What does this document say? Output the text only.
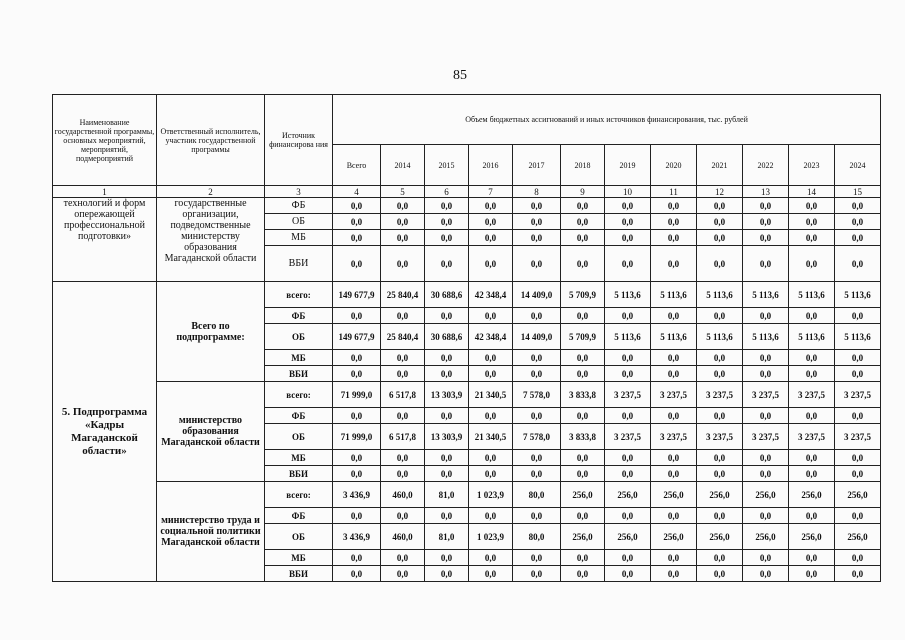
85
Наименование государственной программы, основных мероприятий, мероприятий, подмероприятий	Ответственный исполнитель, участник государственной программы	Источник финансирова ния	Объем бюджетных ассигнований и иных источников финансирования, тыс. рублей											
			Всего	2014	2015	2016	2017	2018	2019	2020	2021	2022	2023	2024
1	2	3	4	5	6	7	8	9	10	11	12	13	14	15
технологий и форм опережающей профессиональной подготовки»	государственные организации, подведомственные министерству образования Магаданской области	ФБ	0,0	0,0	0,0	0,0	0,0	0,0	0,0	0,0	0,0	0,0	0,0	0,0
		ОБ	0,0	0,0	0,0	0,0	0,0	0,0	0,0	0,0	0,0	0,0	0,0	0,0
		МБ	0,0	0,0	0,0	0,0	0,0	0,0	0,0	0,0	0,0	0,0	0,0	0,0
		ВБИ	0,0	0,0	0,0	0,0	0,0	0,0	0,0	0,0	0,0	0,0	0,0	0,0
5. Подпрограмма «Кадры Магаданской области»	Всего по подпрограмме:	всего:	149 677,9	25 840,4	30 688,6	42 348,4	14 409,0	5 709,9	5 113,6	5 113,6	5 113,6	5 113,6	5 113,6	5 113,6
		ФБ	0,0	0,0	0,0	0,0	0,0	0,0	0,0	0,0	0,0	0,0	0,0	0,0
		ОБ	149 677,9	25 840,4	30 688,6	42 348,4	14 409,0	5 709,9	5 113,6	5 113,6	5 113,6	5 113,6	5 113,6	5 113,6
		МБ	0,0	0,0	0,0	0,0	0,0	0,0	0,0	0,0	0,0	0,0	0,0	0,0
		ВБИ	0,0	0,0	0,0	0,0	0,0	0,0	0,0	0,0	0,0	0,0	0,0	0,0
	министерство образования Магаданской области	всего:	71 999,0	6 517,8	13 303,9	21 340,5	7 578,0	3 833,8	3 237,5	3 237,5	3 237,5	3 237,5	3 237,5	3 237,5
		ФБ	0,0	0,0	0,0	0,0	0,0	0,0	0,0	0,0	0,0	0,0	0,0	0,0
		ОБ	71 999,0	6 517,8	13 303,9	21 340,5	7 578,0	3 833,8	3 237,5	3 237,5	3 237,5	3 237,5	3 237,5	3 237,5
		МБ	0,0	0,0	0,0	0,0	0,0	0,0	0,0	0,0	0,0	0,0	0,0	0,0
		ВБИ	0,0	0,0	0,0	0,0	0,0	0,0	0,0	0,0	0,0	0,0	0,0	0,0
	министерство труда и социальной политики Магаданской области	всего:	3 436,9	460,0	81,0	1 023,9	80,0	256,0	256,0	256,0	256,0	256,0	256,0	256,0
		ФБ	0,0	0,0	0,0	0,0	0,0	0,0	0,0	0,0	0,0	0,0	0,0	0,0
		ОБ	3 436,9	460,0	81,0	1 023,9	80,0	256,0	256,0	256,0	256,0	256,0	256,0	256,0
		МБ	0,0	0,0	0,0	0,0	0,0	0,0	0,0	0,0	0,0	0,0	0,0	0,0
		ВБИ	0,0	0,0	0,0	0,0	0,0	0,0	0,0	0,0	0,0	0,0	0,0	0,0
